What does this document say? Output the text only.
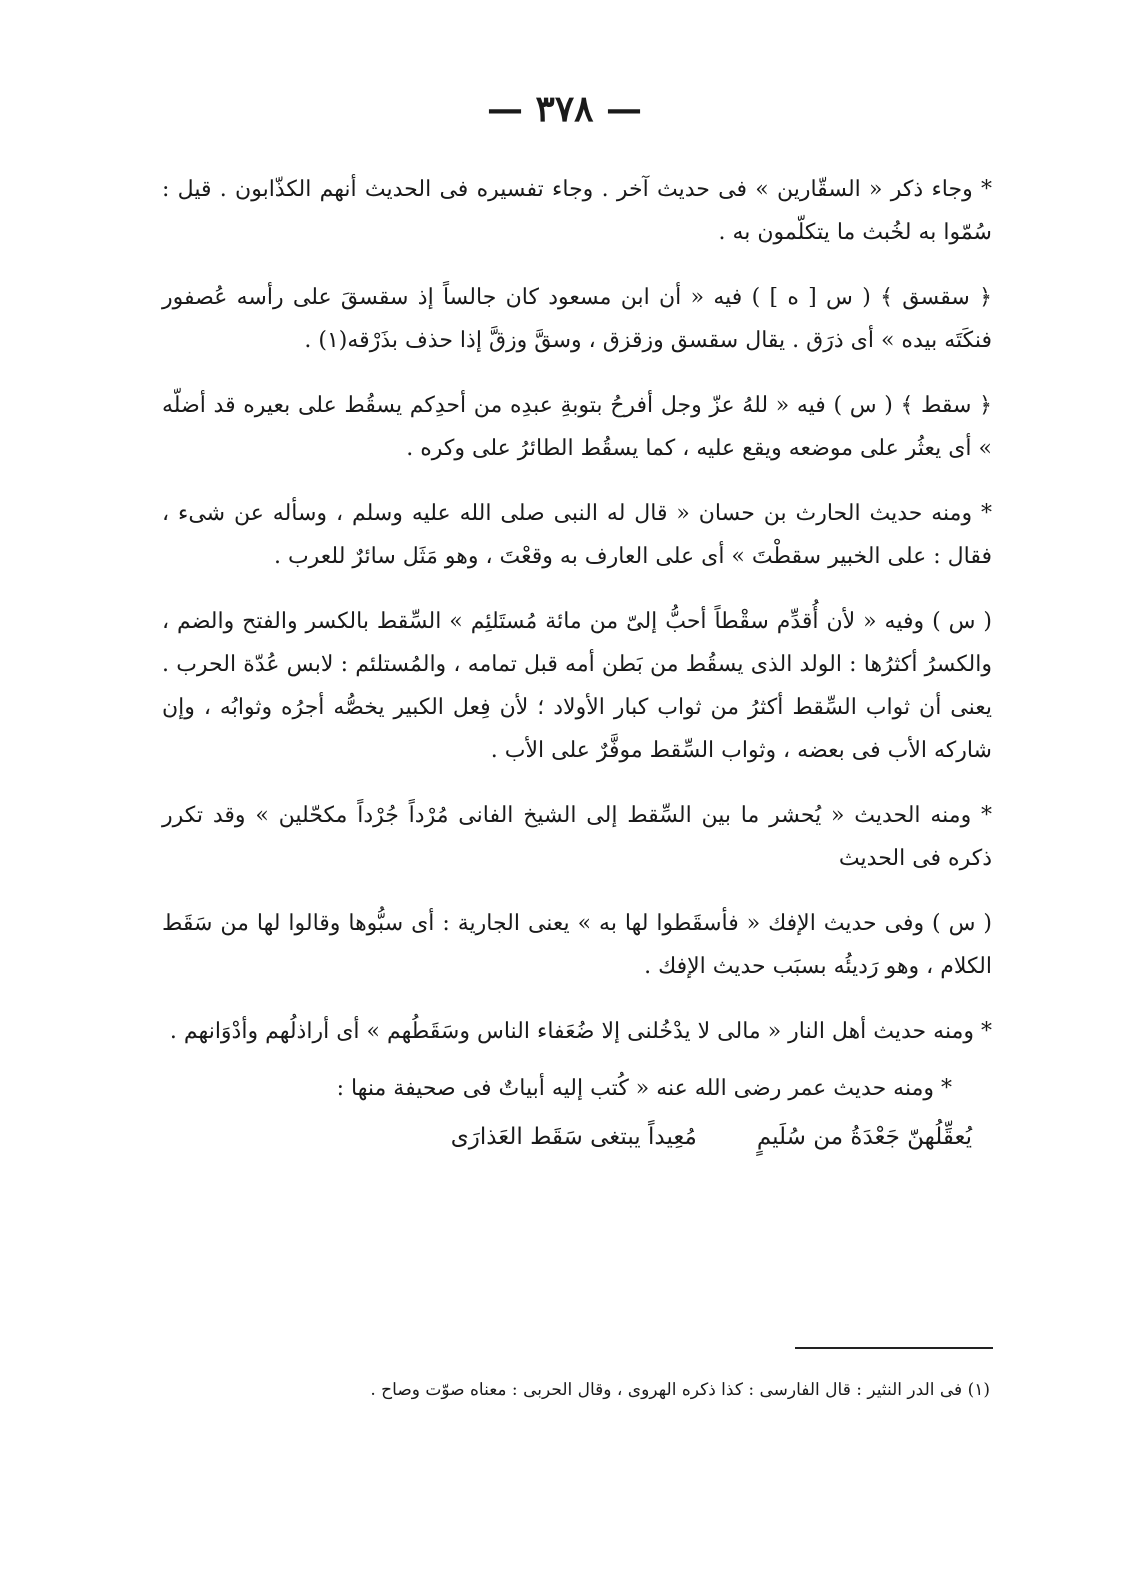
— ٣٧٨ —

* وجاء ذكر « السقّارين » فى حديث آخر . وجاء تفسيره فى الحديث أنهم الكذّابون . قيل : سُمّوا به لخُبث ما يتكلّمون به .

﴿ سقسق ﴾ ( س [ ه ] ) فيه « أن ابن مسعود كان جالساً إذ سقسقَ على رأسه عُصفور فنكَتَه بيده » أى ذرَق . يقال سقسق وزقزق ، وسقَّ وزقَّ إذا حذف بذَرْقه(١) .

﴿ سقط ﴾ ( س ) فيه « للهُ عزّ وجل أفرحُ بتوبةِ عبدِه من أحدِكم يسقُط على بعيره قد أضلّه » أى يعثُر على موضعه ويقع عليه ، كما يسقُط الطائرُ على وكره .

* ومنه حديث الحارث بن حسان « قال له النبى صلى الله عليه وسلم ، وسأله عن شىء ، فقال : على الخبير سقطْتَ » أى على العارف به وقعْتَ ، وهو مَثَل سائرٌ للعرب .

( س ) وفيه « لأن أُقدِّم سقْطاً أحبُّ إلىّ من مائة مُستَلئِم » السِّقط بالكسر والفتح والضم ، والكسرُ أكثرُها : الولد الذى يسقُط من بَطن أمه قبل تمامه ، والمُستلئم : لابس عُدّة الحرب . يعنى أن ثواب السِّقط أكثرُ من ثواب كبار الأولاد ؛ لأن فِعل الكبير يخصُّه أجرُه وثوابُه ، وإن شاركه الأب فى بعضه ، وثواب السِّقط موفَّرٌ على الأب .

* ومنه الحديث « يُحشر ما بين السِّقط إلى الشيخ الفانى مُرْداً جُرْداً مكحّلين » وقد تكرر ذكره فى الحديث

( س ) وفى حديث الإفك « فأسقَطوا لها به » يعنى الجارية : أى سبُّوها وقالوا لها من سَقَط الكلام ، وهو رَديئُه بسبَب حديث الإفك .

* ومنه حديث أهل النار « مالى لا يدْخُلنى إلا ضُعَفاء الناس وسَقَطُهم » أى أراذلُهم وأدْوَانهم .

* ومنه حديث عمر رضى الله عنه « كُتب إليه أبياتٌ فى صحيفة منها :

يُعقِّلُهنّ جَعْدَةُ من سُلَيمٍ
مُعِيداً يبتغى سَقَط العَذارَى
(١) فى الدر النثير : قال الفارسى : كذا ذكره الهروى ، وقال الحربى : معناه صوّت وصاح .
